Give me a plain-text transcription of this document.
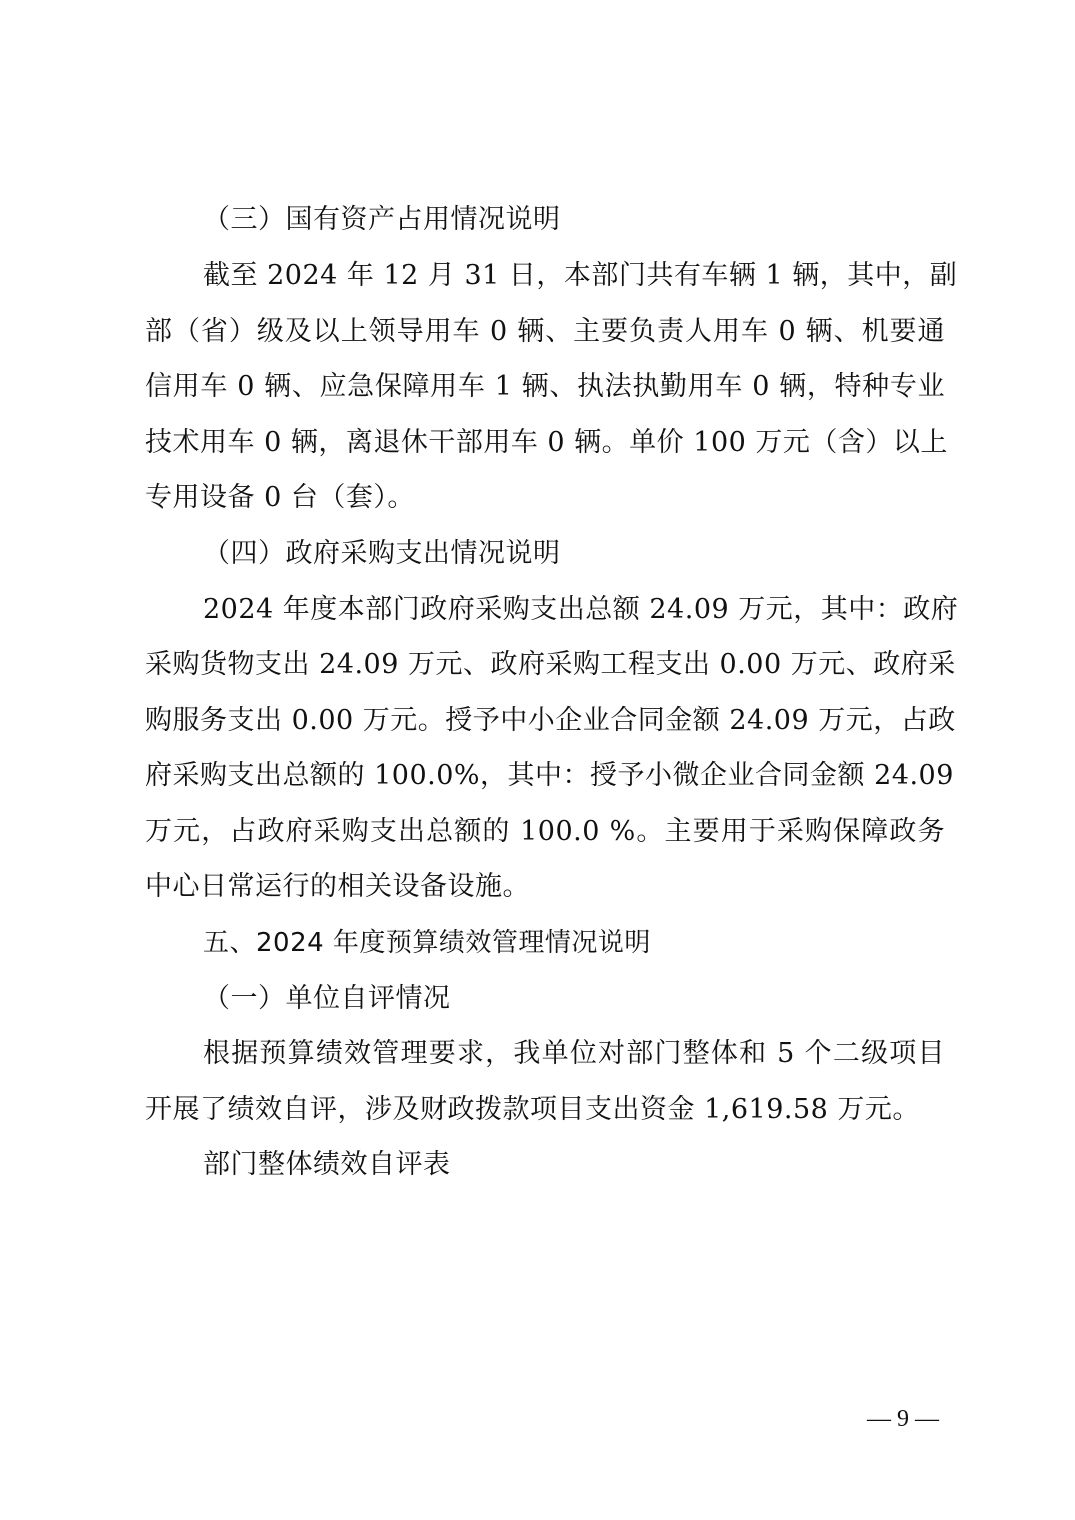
（三）国有资产占用情况说明
截至 2024 年 12 月 31 日，本部门共有车辆 1 辆，其中，副
部（省）级及以上领导用车 0 辆、主要负责人用车 0 辆、机要通
信用车 0 辆、应急保障用车 1 辆、执法执勤用车 0 辆，特种专业
技术用车 0 辆，离退休干部用车 0 辆。单价 100 万元（含）以上
专用设备 0 台（套）。
（四）政府采购支出情况说明
2024 年度本部门政府采购支出总额 24.09 万元，其中：政府
采购货物支出 24.09 万元、政府采购工程支出 0.00 万元、政府采
购服务支出 0.00 万元。授予中小企业合同金额 24.09 万元，占政
府采购支出总额的 100.0%，其中：授予小微企业合同金额 24.09
万元，占政府采购支出总额的 100.0 %。主要用于采购保障政务
中心日常运行的相关设备设施。
五、2024 年度预算绩效管理情况说明
（一）单位自评情况
根据预算绩效管理要求，我单位对部门整体和 5 个二级项目
开展了绩效自评，涉及财政拨款项目支出资金 1,619.58 万元。
部门整体绩效自评表
— 9 —
